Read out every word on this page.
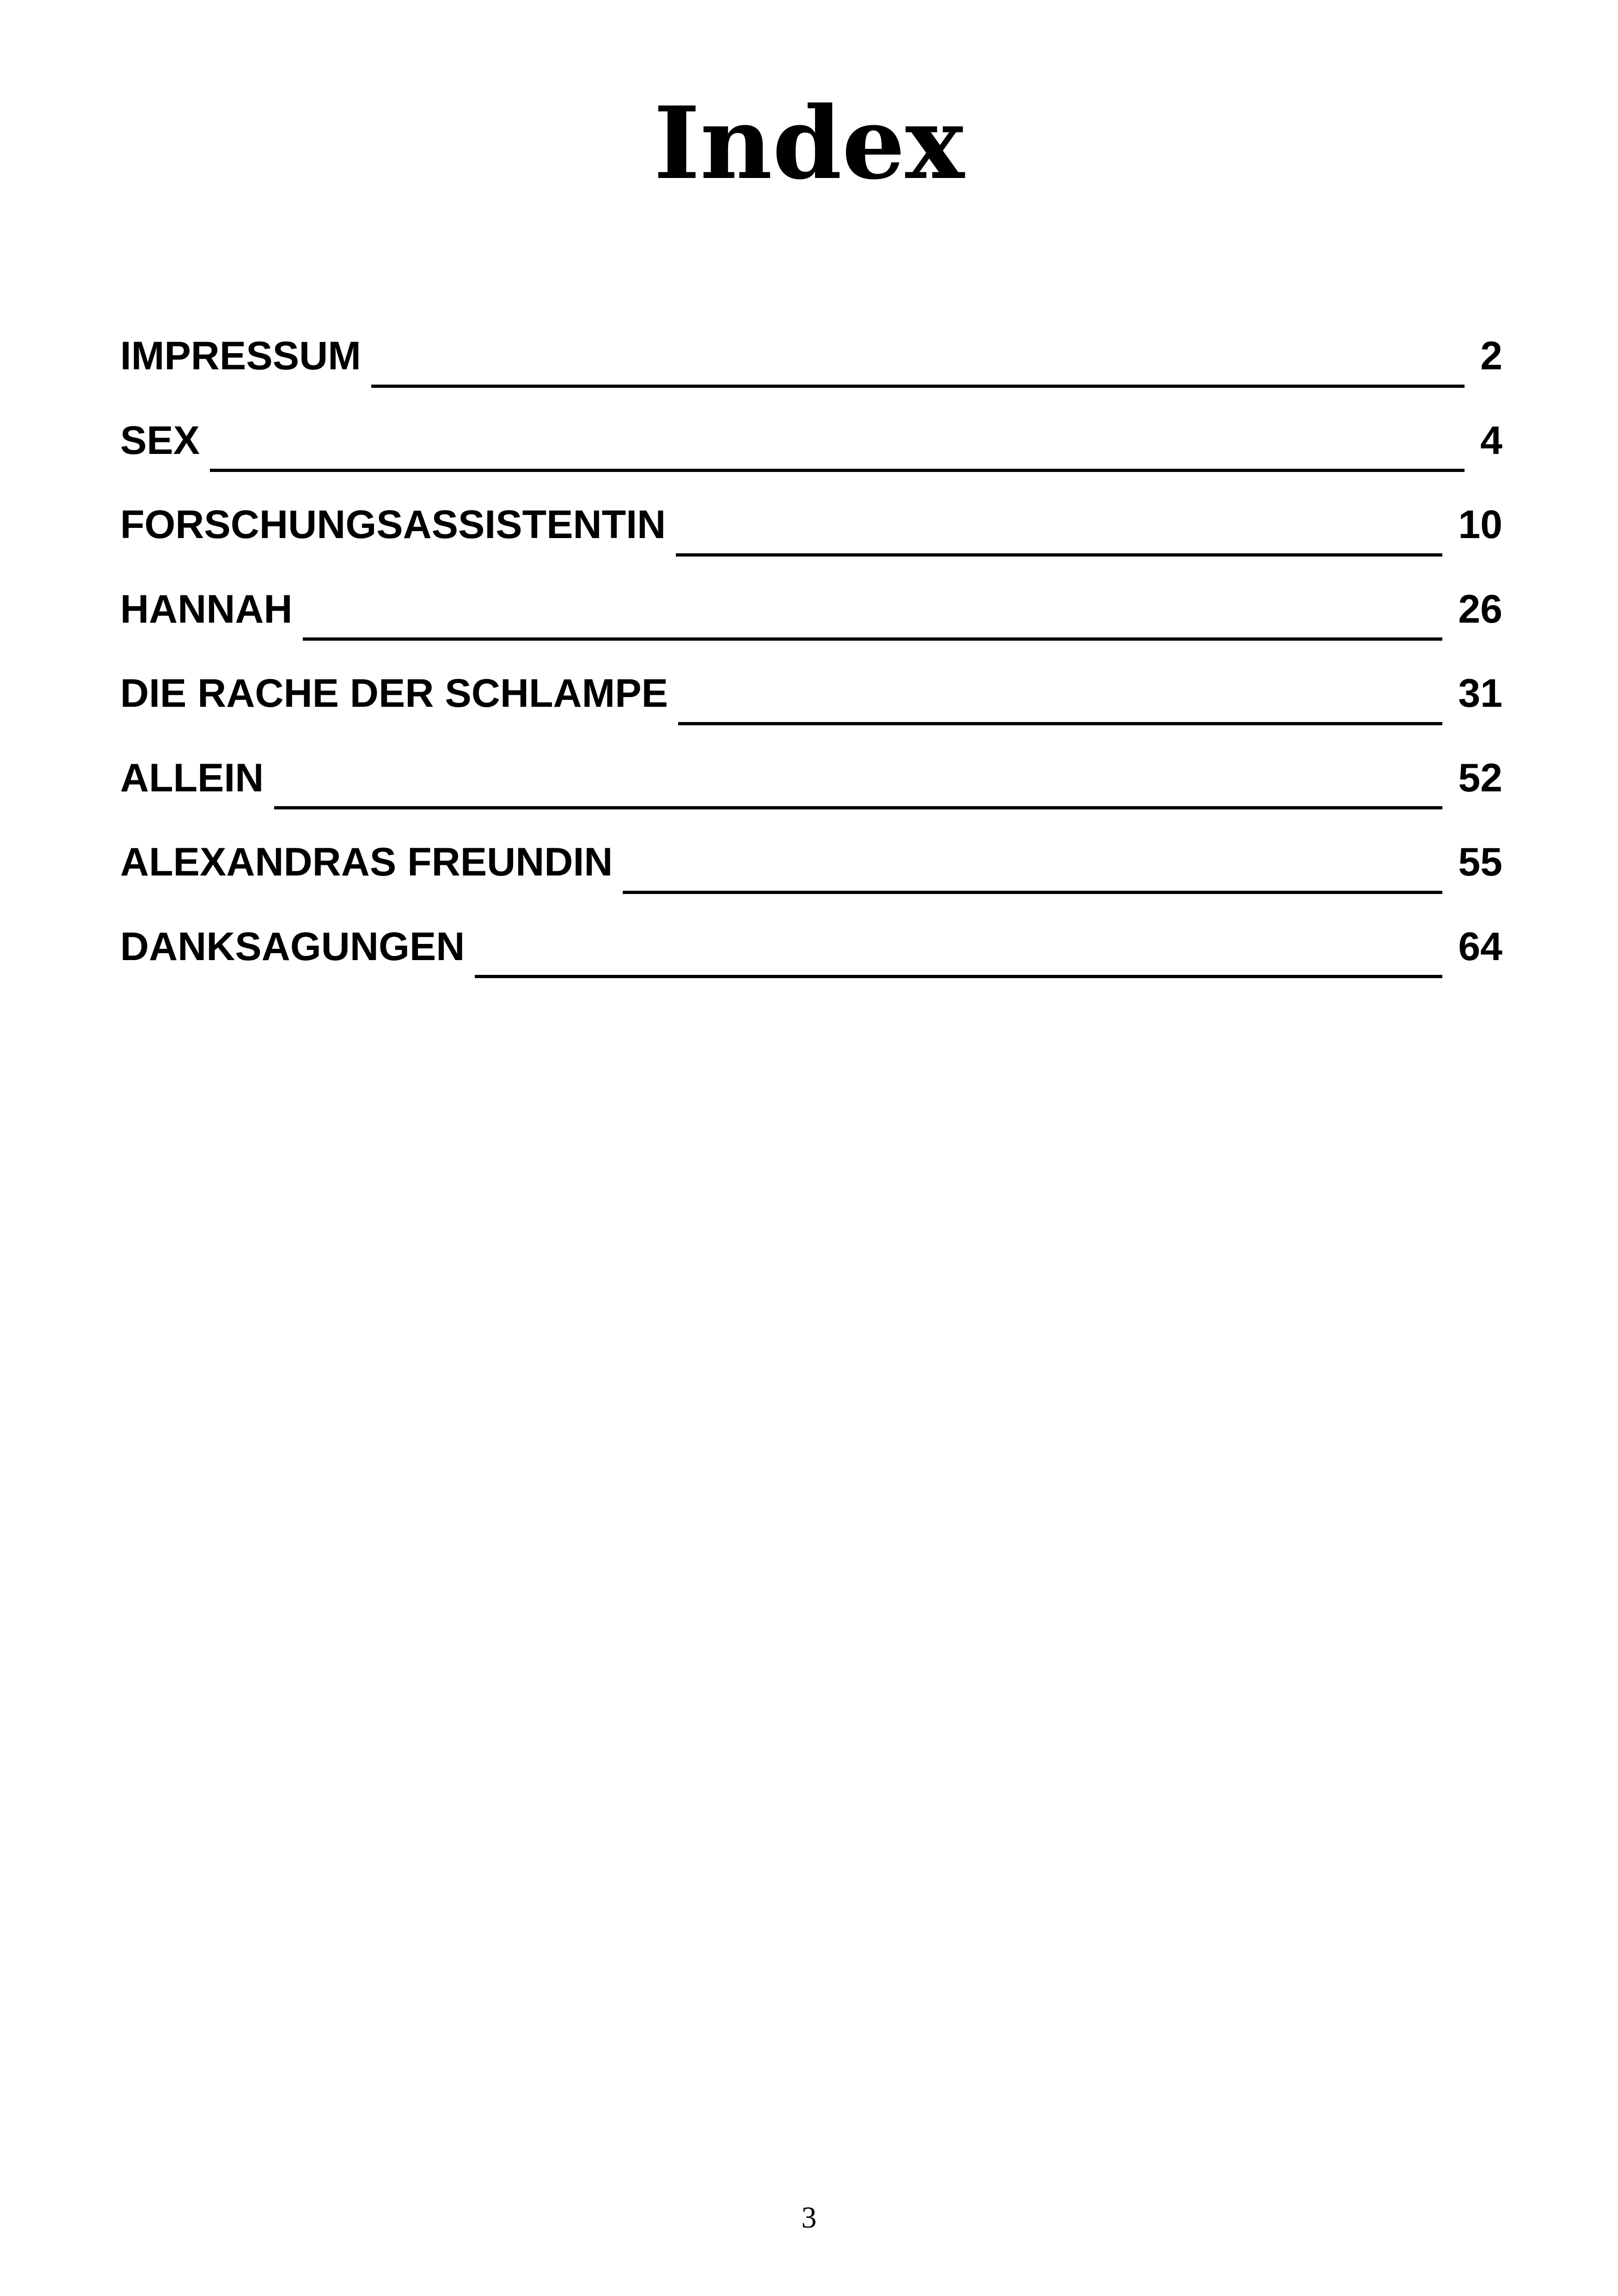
Index
IMPRESSUM	2
SEX	4
FORSCHUNGSASSISTENTIN	10
HANNAH	26
DIE RACHE DER SCHLAMPE	31
ALLEIN	52
ALEXANDRAS FREUNDIN	55
DANKSAGUNGEN	64
3
